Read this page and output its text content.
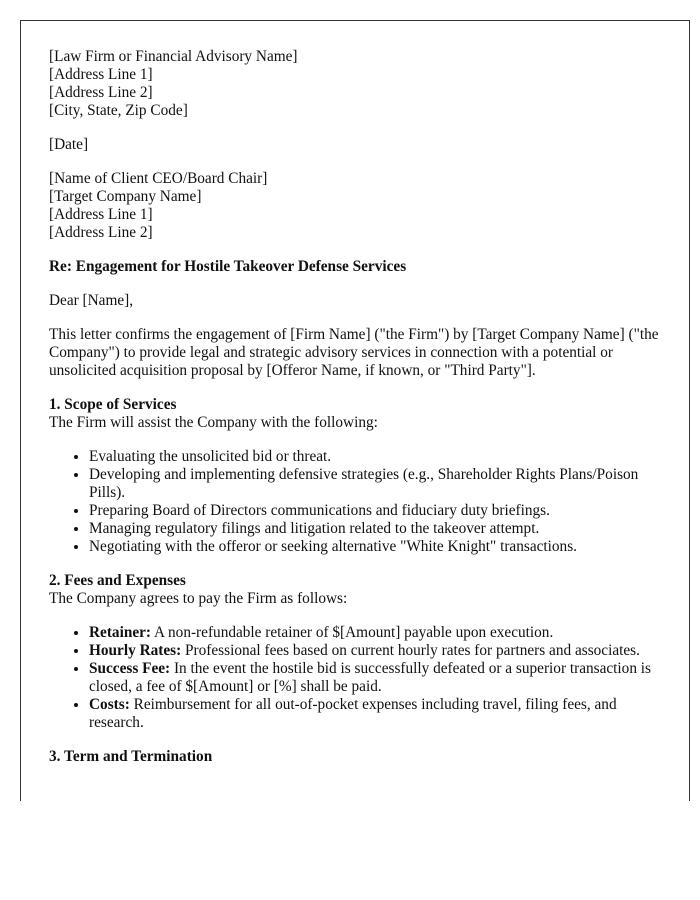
[Law Firm or Financial Advisory Name]
[Address Line 1]
[Address Line 2]
[City, State, Zip Code]

[Date]

[Name of Client CEO/Board Chair]
[Target Company Name]
[Address Line 1]
[Address Line 2]

Re: Engagement for Hostile Takeover Defense Services

Dear [Name],

This letter confirms the engagement of [Firm Name] ("the Firm") by [Target Company Name] ("the Company") to provide legal and strategic advisory services in connection with a potential or unsolicited acquisition proposal by [Offeror Name, if known, or "Third Party"].

1. Scope of Services
The Firm will assist the Company with the following:
• Evaluating the unsolicited bid or threat.
• Developing and implementing defensive strategies (e.g., Shareholder Rights Plans/Poison Pills).
• Preparing Board of Directors communications and fiduciary duty briefings.
• Managing regulatory filings and litigation related to the takeover attempt.
• Negotiating with the offeror or seeking alternative "White Knight" transactions.
2. Fees and Expenses
The Company agrees to pay the Firm as follows:
• Retainer: A non-refundable retainer of $[Amount] payable upon execution.
• Hourly Rates: Professional fees based on current hourly rates for partners and associates.
• Success Fee: In the event the hostile bid is successfully defeated or a superior transaction is closed, a fee of $[Amount] or [%] shall be paid.
• Costs: Reimbursement for all out-of-pocket expenses including travel, filing fees, and research.
3. Term and Termination
